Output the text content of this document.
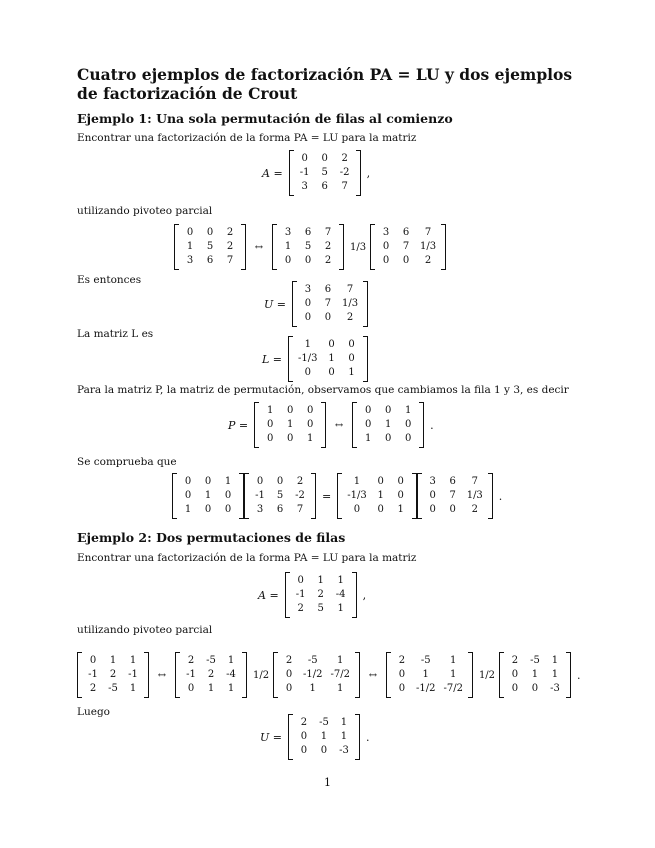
Cuatro ejemplos de factorización PA = LU y dos ejemplos de factorización de Crout
Ejemplo 1: Una sola permutación de filas al comienzo
Encontrar una factorización de la forma PA = LU para la matriz
A =
0	0	2
-1	5	-2
3	6	7
,
utilizando pivoteo parcial
0	0	2
1	5	2
3	6	7
↔
3	6	7
1	5	2
0	0	2
1/3
3	6	7
0	7	1/3
0	0	2
Es entonces
U =
3	6	7
0	7	1/3
0	0	2
La matriz L es
L =
1	0	0
-1/3	1	0
0	0	1
Para la matriz P, la matriz de permutación, observamos que cambiamos la fila 1 y 3, es decir
P =
1	0	0
0	1	0
0	0	1
↔
0	0	1
0	1	0
1	0	0
.
Se comprueba que
0	0	1
0	1	0
1	0	0
0	0	2
-1	5	-2
3	6	7
=
1	0	0
-1/3	1	0
0	0	1
3	6	7
0	7	1/3
0	0	2
.
Ejemplo 2: Dos permutaciones de filas
Encontrar una factorización de la forma PA = LU para la matriz
A =
0	1	1
-1	2	-4
2	5	1
,
utilizando pivoteo parcial
0	1	1
-1	2	-1
2	-5	1
↔
2	-5	1
-1	2	-4
0	1	1
1/2
2	-5	1
0	-1/2	-7/2
0	1	1
↔
2	-5	1
0	1	1
0	-1/2	-7/2
1/2
2	-5	1
0	1	1
0	0	-3
.
Luego
U =
2	-5	1
0	1	1
0	0	-3
.
1
